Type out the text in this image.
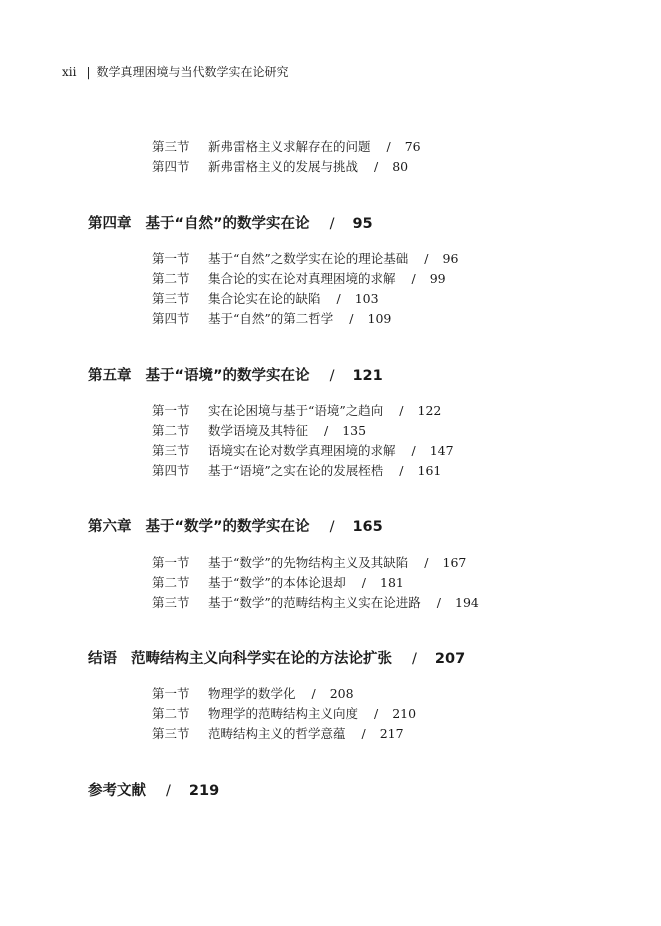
xii | 数学真理困境与当代数学实在论研究
第三节 新弗雷格主义求解存在的问题 / 76
第四节 新弗雷格主义的发展与挑战 / 80
第四章 基于“自然”的数学实在论 / 95
第一节 基于“自然”之数学实在论的理论基础 / 96
第二节 集合论的实在论对真理困境的求解 / 99
第三节 集合论实在论的缺陷 / 103
第四节 基于“自然”的第二哲学 / 109
第五章 基于“语境”的数学实在论 / 121
第一节 实在论困境与基于“语境”之趋向 / 122
第二节 数学语境及其特征 / 135
第三节 语境实在论对数学真理困境的求解 / 147
第四节 基于“语境”之实在论的发展桎梏 / 161
第六章 基于“数学”的数学实在论 / 165
第一节 基于“数学”的先物结构主义及其缺陷 / 167
第二节 基于“数学”的本体论退却 / 181
第三节 基于“数学”的范畴结构主义实在论进路 / 194
结语 范畴结构主义向科学实在论的方法论扩张 / 207
第一节 物理学的数学化 / 208
第二节 物理学的范畴结构主义向度 / 210
第三节 范畴结构主义的哲学意蕴 / 217
参考文献 / 219
